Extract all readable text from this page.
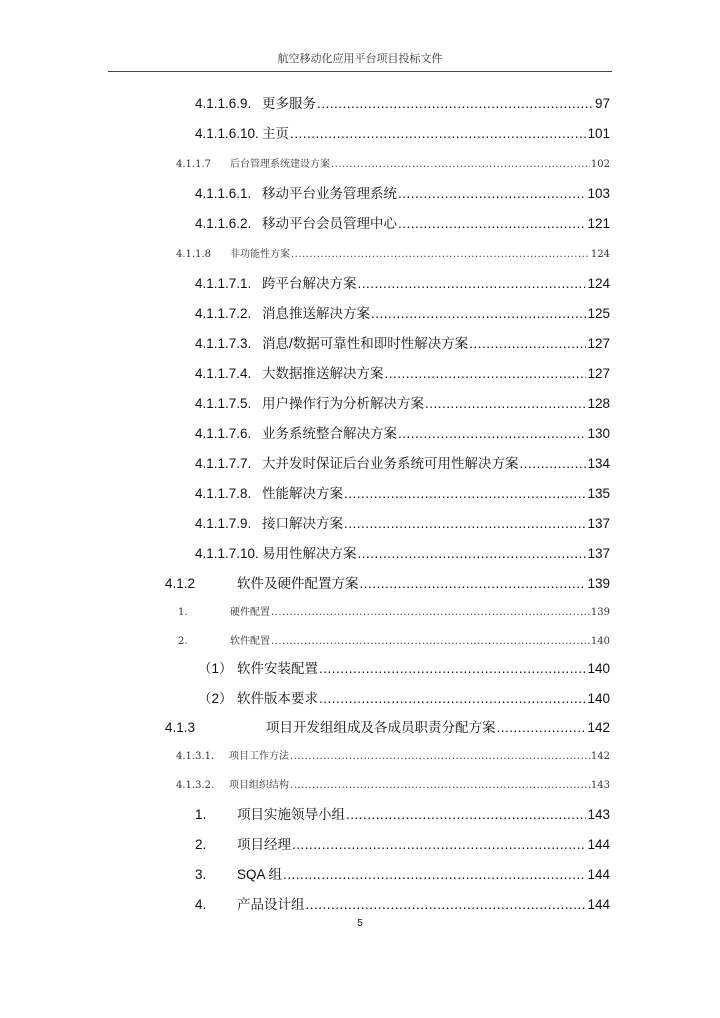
航空移动化应用平台项目投标文件
4.1.1.6.9. 更多服务 .....	97
4.1.1.6.10. 主页 .....	101
4.1.1.7	后台管理系统建设方案 .....	102
4.1.1.6.1. 移动平台业务管理系统 .....	103
4.1.1.6.2. 移动平台会员管理中心 .....	121
4.1.1.8	非功能性方案 .....	124
4.1.1.7.1. 跨平台解决方案 .....	124
4.1.1.7.2. 消息推送解决方案 .....	125
4.1.1.7.3. 消息/数据可靠性和即时性解决方案 .....	127
4.1.1.7.4. 大数据推送解决方案 .....	127
4.1.1.7.5. 用户操作行为分析解决方案 .....	128
4.1.1.7.6. 业务系统整合解决方案 .....	130
4.1.1.7.7. 大并发时保证后台业务系统可用性解决方案 .....	134
4.1.1.7.8. 性能解决方案 .....	135
4.1.1.7.9. 接口解决方案 .....	137
4.1.1.7.10. 易用性解决方案 .....	137
4.1.2	软件及硬件配置方案 .....	139
1.	硬件配置 .....	139
2.	软件配置 .....	140
（1） 软件安装配置 .....	140
（2） 软件版本要求 .....	140
4.1.3	项目开发组组成及各成员职责分配方案 .....	142
4.1.3.1.	项目工作方法 .....	142
4.1.3.2.	项目组织结构 .....	143
1.	项目实施领导小组 .....	143
2.	项目经理 .....	144
3.	SQA 组 .....	144
4.	产品设计组 .....	144
5
